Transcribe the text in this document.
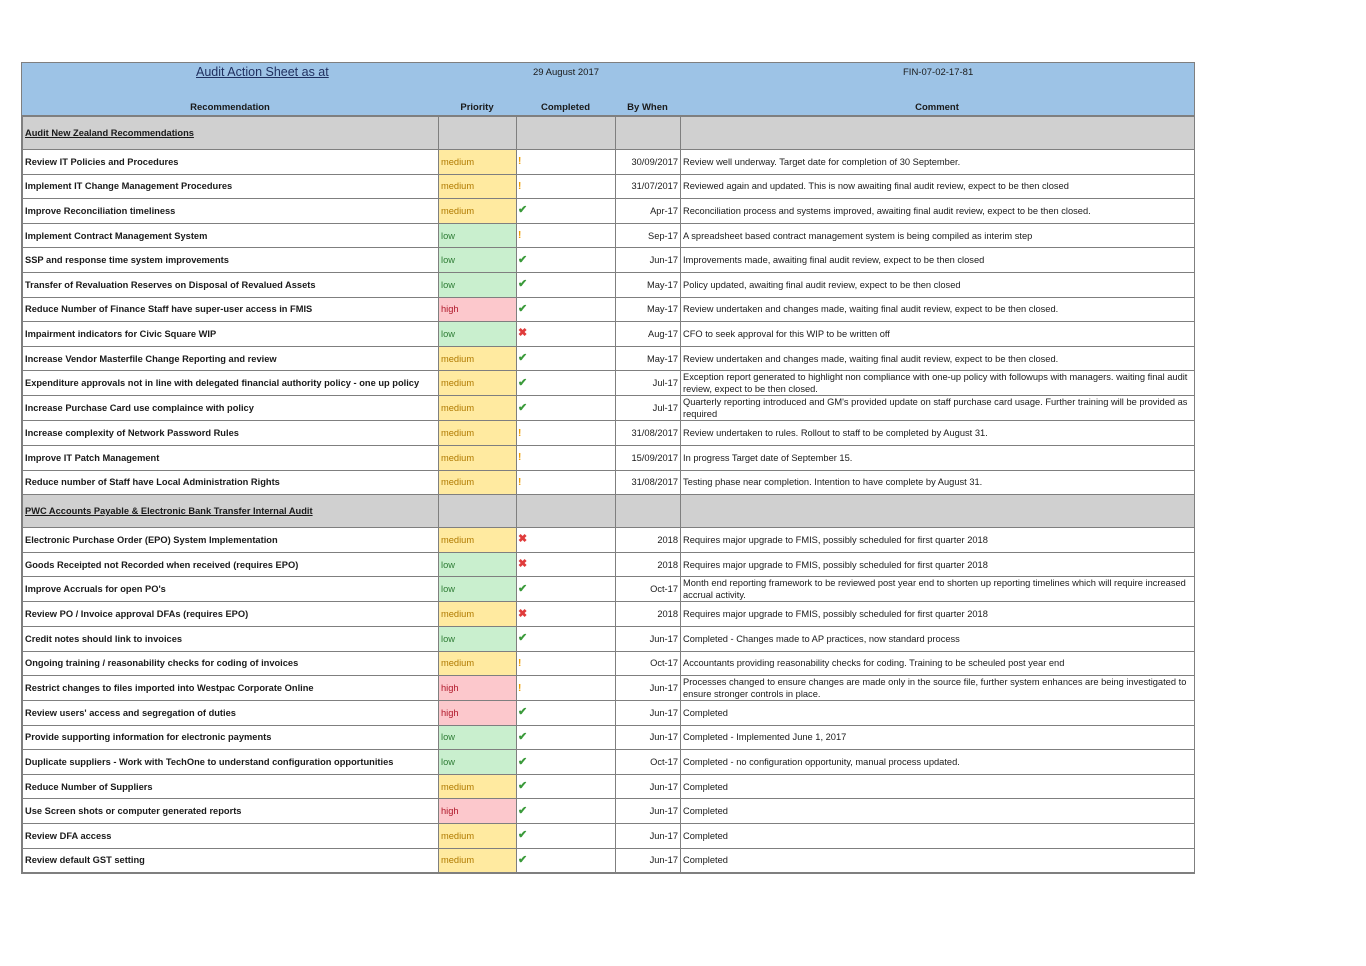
Audit Action Sheet as at	29 August 2017	FIN-07-02-17-81
Recommendation	Priority	Completed	By When	Comment
Audit New Zealand Recommendations				
Review IT Policies and Procedures	medium	!	30/09/2017	Review well underway. Target date for completion of 30 September.
Implement IT Change Management Procedures	medium	!	31/07/2017	Reviewed again and updated. This is now awaiting final audit review, expect to be then closed
Improve Reconciliation timeliness	medium	✔	Apr-17	Reconciliation process and systems improved, awaiting final audit review, expect to be then closed.
Implement Contract Management System	low	!	Sep-17	A spreadsheet based contract management system is being compiled as interim step
SSP and response time system improvements	low	✔	Jun-17	Improvements made, awaiting final audit review, expect to be then closed
Transfer of Revaluation Reserves on Disposal of Revalued Assets	low	✔	May-17	Policy updated, awaiting final audit review, expect to be then closed
Reduce Number of Finance Staff have super-user access in FMIS	high	✔	May-17	Review undertaken and changes made, waiting final audit review, expect to be then closed.
Impairment indicators for Civic Square WIP	low	✖	Aug-17	CFO to seek approval for this WIP to be written off
Increase Vendor Masterfile Change Reporting and review	medium	✔	May-17	Review undertaken and changes made, waiting final audit review, expect to be then closed.
Expenditure approvals not in line with delegated financial authority policy - one up policy	medium	✔	Jul-17	Exception report generated to highlight non compliance with one-up policy with followups with managers. waiting final audit review, expect to be then closed.
Increase Purchase Card use complaince with policy	medium	✔	Jul-17	Quarterly reporting introduced and GM's provided update on staff purchase card usage. Further training will be provided as required
Increase complexity of Network Password Rules	medium	!	31/08/2017	Review undertaken to rules. Rollout to staff to be completed by August 31.
Improve IT Patch Management	medium	!	15/09/2017	In progress Target date of September 15.
Reduce number of Staff have Local Administration Rights	medium	!	31/08/2017	Testing phase near completion. Intention to have complete by August 31.
PWC Accounts Payable & Electronic Bank Transfer Internal Audit				
Electronic Purchase Order (EPO) System Implementation	medium	✖	2018	Requires major upgrade to FMIS, possibly scheduled for first quarter 2018
Goods Receipted not Recorded when received (requires EPO)	low	✖	2018	Requires major upgrade to FMIS, possibly scheduled for first quarter 2018
Improve Accruals for open PO's	low	✔	Oct-17	Month end reporting framework to be reviewed post year end to shorten up reporting timelines which will require increased accrual activity.
Review PO / Invoice approval DFAs (requires EPO)	medium	✖	2018	Requires major upgrade to FMIS, possibly scheduled for first quarter 2018
Credit notes should link to invoices	low	✔	Jun-17	Completed - Changes made to AP practices, now standard process
Ongoing training / reasonability checks for coding of invoices	medium	!	Oct-17	Accountants providing reasonability checks for coding. Training to be scheuled post year end
Restrict changes to files imported into Westpac Corporate Online	high	!	Jun-17	Processes changed to ensure changes are made only in the source file, further system enhances are being investigated to ensure stronger controls in place.
Review users' access and segregation of duties	high	✔	Jun-17	Completed
Provide supporting information for electronic payments	low	✔	Jun-17	Completed - Implemented June 1, 2017
Duplicate suppliers - Work with TechOne to understand configuration opportunities	low	✔	Oct-17	Completed - no configuration opportunity, manual process updated.
Reduce Number of Suppliers	medium	✔	Jun-17	Completed
Use Screen shots or computer generated reports	high	✔	Jun-17	Completed
Review DFA access	medium	✔	Jun-17	Completed
Review default GST setting	medium	✔	Jun-17	Completed
